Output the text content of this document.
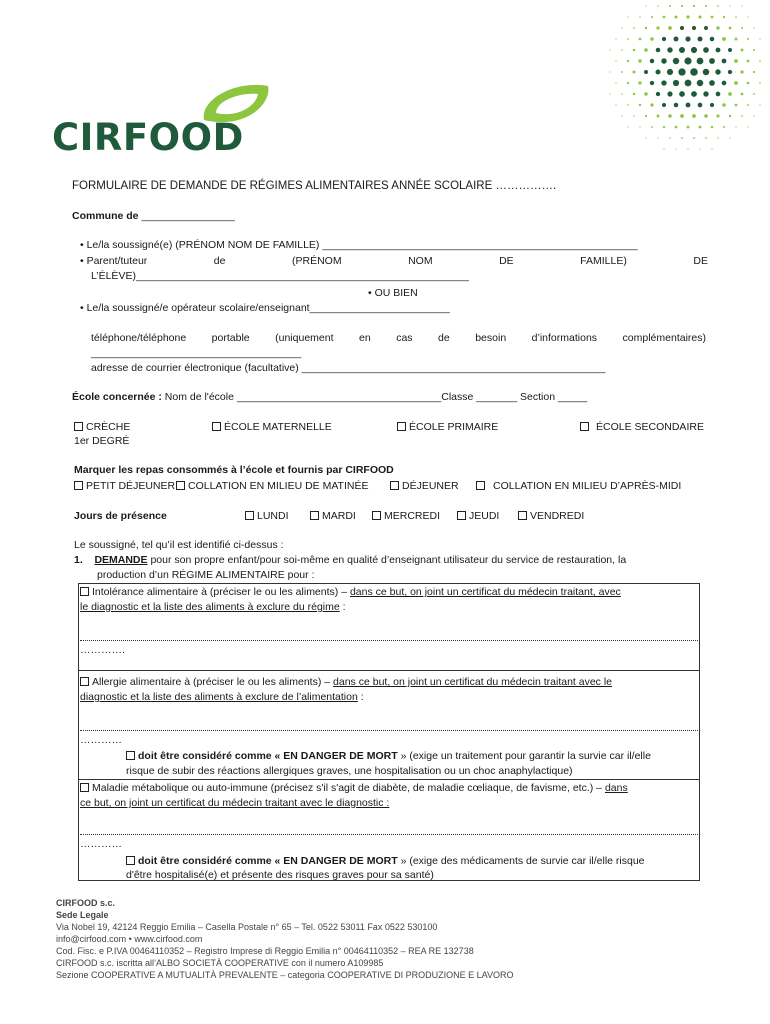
CIRFOOD
FORMULAIRE DE DEMANDE DE RÉGIMES ALIMENTAIRES ANNÉE SCOLAIRE …………….
Commune de ________________
• Le/la soussigné(e) (PRÉNOM NOM DE FAMILLE) ______________________________________________________
• Parent/tuteur	de	(PRÉNOM	NOM	DE	FAMILLE)	DE
L’ÉLÈVE)_________________________________________________________
• OU BIEN
• Le/la soussigné/e opérateur scolaire/enseignant________________________
téléphone/téléphone portable (uniquement en cas de besoin d’informations complémentaires)
____________________________________
adresse de courrier électronique (facultative) ____________________________________________________
École concernée : Nom de l'école ___________________________________Classe _______ Section _____
CRÈCHE
1er DEGRÉ
ÉCOLE MATERNELLE	ÉCOLE PRIMAIRE	ÉCOLE SECONDAIRE
Marquer les repas consommés à l’école et fournis par CIRFOOD
PETIT DÉJEUNER	COLLATION EN MILIEU DE MATINÉE	DÉJEUNER	COLLATION EN MILIEU D’APRÈS-MIDI
Jours de présence	LUNDI	MARDI	MERCREDI	JEUDI	VENDREDI
Le soussigné, tel qu’il est identifié ci-dessus :
1. DEMANDE pour son propre enfant/pour soi-même en qualité d’enseignant utilisateur du service de restauration, la
production d’un RÉGIME ALIMENTAIRE pour :
Intolérance alimentaire à (préciser le ou les aliments) – dans ce but, on joint un certificat du médecin traitant, avec
le diagnostic et la liste des aliments à exclure du régime :
………….
Allergie alimentaire à (préciser le ou les aliments) – dans ce but, on joint un certificat du médecin traitant avec le
diagnostic et la liste des aliments à exclure de l’alimentation :
…………
doit être considéré comme « EN DANGER DE MORT » (exige un traitement pour garantir la survie car il/elle
risque de subir des réactions allergiques graves, une hospitalisation ou un choc anaphylactique)
Maladie métabolique ou auto-immune (précisez s'il s'agit de diabète, de maladie cœliaque, de favisme, etc.) – dans
ce but, on joint un certificat du médecin traitant avec le diagnostic :
…………
doit être considéré comme « EN DANGER DE MORT » (exige des médicaments de survie car il/elle risque
d'être hospitalisé(e) et présente des risques graves pour sa santé)
CIRFOOD s.c.
Sede Legale
Via Nobel 19, 42124 Reggio Emilia – Casella Postale n° 65 – Tel. 0522 53011 Fax 0522 530100
info@cirfood.com • www.cirfood.com
Cod. Fisc. e P.IVA 00464110352 – Registro Imprese di Reggio Emilia n° 00464110352 – REA RE 132738
CIRFOOD s.c. iscritta all’ALBO SOCIETÀ COOPERATIVE con il numero A109985
Sezione COOPERATIVE A MUTUALITÀ PREVALENTE – categoria COOPERATIVE DI PRODUZIONE E LAVORO
